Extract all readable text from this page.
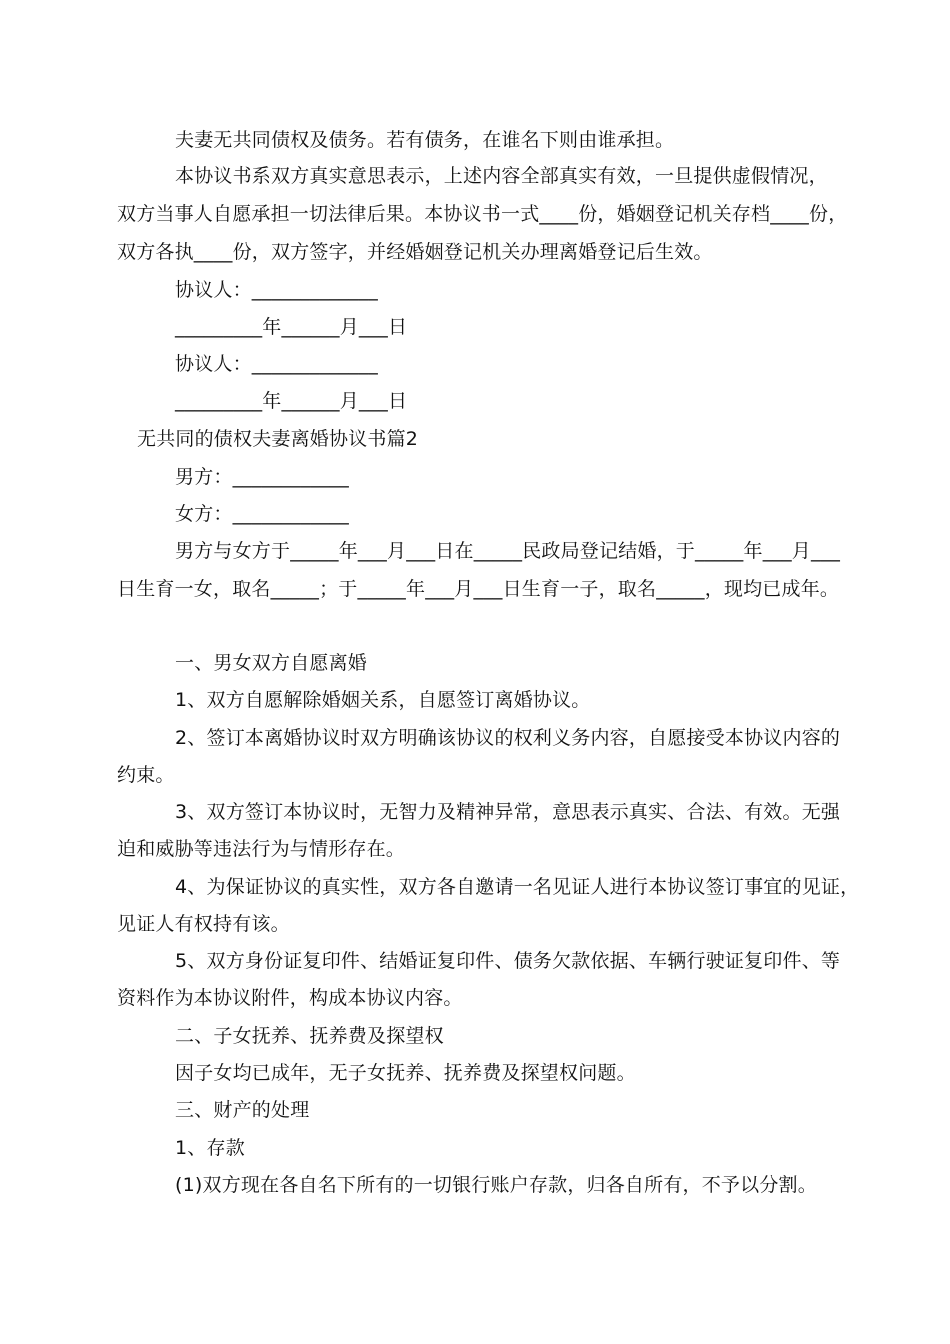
夫妻无共同债权及债务。若有债务，在谁名下则由谁承担。
本协议书系双方真实意思表示，上述内容全部真实有效，一旦提供虚假情况，
双方当事人自愿承担一切法律后果。本协议书一式____份，婚姻登记机关存档____份，
双方各执____份，双方签字，并经婚姻登记机关办理离婚登记后生效。
协议人：_____________
_________年______月___日
协议人：_____________
_________年______月___日
无共同的债权夫妻离婚协议书篇2
男方：____________
女方：____________
男方与女方于_____年___月___日在_____民政局登记结婚，于_____年___月___
日生育一女，取名_____；于_____年___月___日生育一子，取名_____，现均已成年。
一、男女双方自愿离婚
1、双方自愿解除婚姻关系，自愿签订离婚协议。
2、签订本离婚协议时双方明确该协议的权利义务内容，自愿接受本协议内容的
约束。
3、双方签订本协议时，无智力及精神异常，意思表示真实、合法、有效。无强
迫和威胁等违法行为与情形存在。
4、为保证协议的真实性，双方各自邀请一名见证人进行本协议签订事宜的见证，
见证人有权持有该。
5、双方身份证复印件、结婚证复印件、债务欠款依据、车辆行驶证复印件、等
资料作为本协议附件，构成本协议内容。
二、子女抚养、抚养费及探望权
因子女均已成年，无子女抚养、抚养费及探望权问题。
三、财产的处理
1、存款
(1)双方现在各自名下所有的一切银行账户存款，归各自所有，不予以分割。
